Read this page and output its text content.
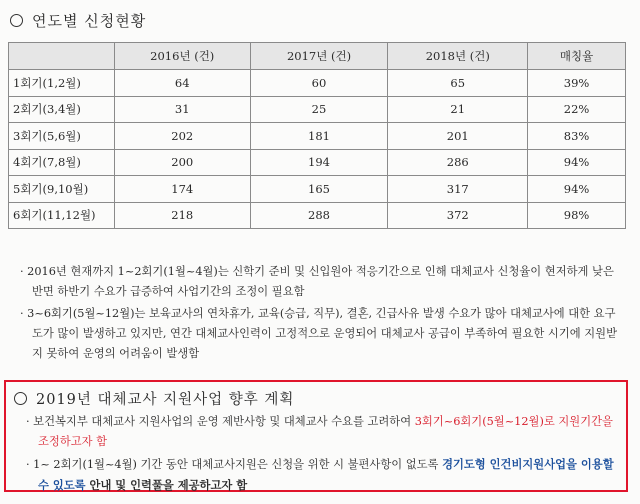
연도별 신청현황
	2016년 (건)	2017년 (건)	2018년 (건)	매칭율
1회기(1,2월)	64	60	65	39%
2회기(3,4월)	31	25	21	22%
3회기(5,6월)	202	181	201	83%
4회기(7,8월)	200	194	286	94%
5회기(9,10월)	174	165	317	94%
6회기(11,12월)	218	288	372	98%
· 2016년 현재까지 1~2회기(1월~4월)는 신학기 준비 및 신입원아 적응기간으로 인해 대체교사 신청율이 현저하게 낮은 반면 하반기 수요가 급증하여 사업기간의 조정이 필요함
· 3~6회기(5월~12월)는 보육교사의 연차휴가, 교육(승급, 직무), 결혼, 긴급사유 발생 수요가 많아 대체교사에 대한 요구도가 많이 발생하고 있지만, 연간 대체교사인력이 고정적으로 운영되어 대체교사 공급이 부족하여 필요한 시기에 지원받지 못하여 운영의 어려움이 발생함
2019년 대체교사 지원사업 향후 계획
· 보건복지부 대체교사 지원사업의 운영 제반사항 및 대체교사 수요를 고려하여 3회기~6회기(5월~12월)로 지원기간을 조정하고자 함
· 1~ 2회기(1월~4월) 기간 동안 대체교사지원은 신청을 위한 시 불편사항이 없도록 경기도형 인건비지원사업을 이용할 수 있도록 안내 및 인력풀을 제공하고자 함
